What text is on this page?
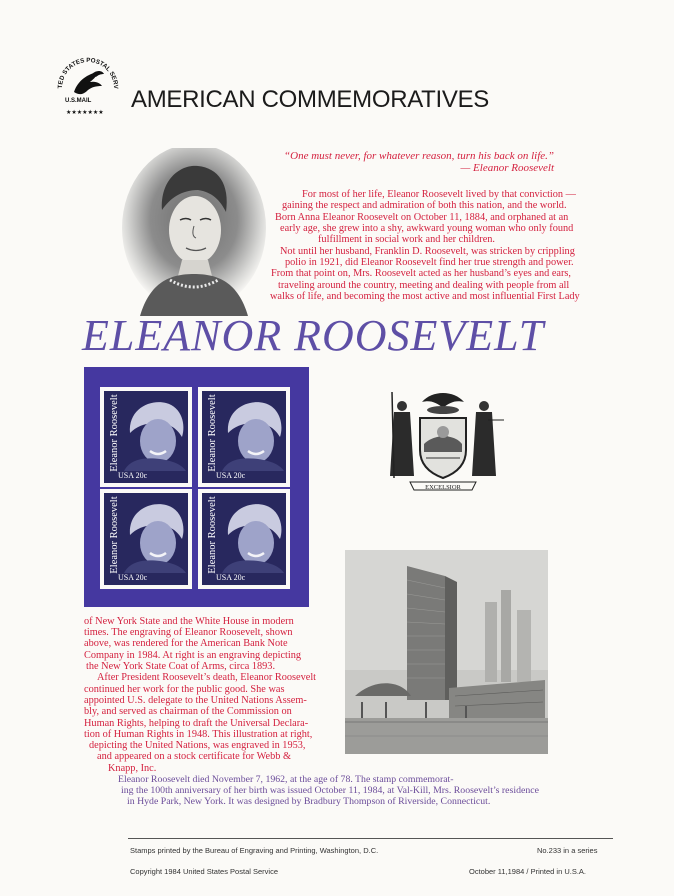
TED STATES POSTAL SERV
U.S.MAIL
★★★★★★★ AMERICAN COMMEMORATIVES
“One must never, for whatever reason, turn his back on life.”
— Eleanor Roosevelt
For most of her life, Eleanor Roosevelt lived by that conviction —
gaining the respect and admiration of both this nation, and the world.
Born Anna Eleanor Roosevelt on October 11, 1884, and orphaned at an
early age, she grew into a shy, awkward young woman who only found
fulfillment in social work and her children.
Not until her husband, Franklin D. Roosevelt, was stricken by crippling
polio in 1921, did Eleanor Roosevelt find her true strength and power.
From that point on, Mrs. Roosevelt acted as her husband’s eyes and ears,
traveling around the country, meeting and dealing with people from all
walks of life, and becoming the most active and most influential First Lady
ELEANOR ROOSEVELT
Eleanor Roosevelt
USA 20c
Eleanor Roosevelt
USA 20c
Eleanor Roosevelt
USA 20c
Eleanor Roosevelt
USA 20c
EXCELSIOR
of New York State and the White House in modern
times. The engraving of Eleanor Roosevelt, shown
above, was rendered for the American Bank Note
Company in 1984. At right is an engraving depicting
the New York State Coat of Arms, circa 1893.
After President Roosevelt’s death, Eleanor Roosevelt
continued her work for the public good. She was
appointed U.S. delegate to the United Nations Assem-
bly, and served as chairman of the Commission on
Human Rights, helping to draft the Universal Declara-
tion of Human Rights in 1948. This illustration at right,
depicting the United Nations, was engraved in 1953,
and appeared on a stock certificate for Webb &
Knapp, Inc.
Eleanor Roosevelt died November 7, 1962, at the age of 78. The stamp commemorat-
ing the 100th anniversary of her birth was issued October 11, 1984, at Val-Kill, Mrs. Roosevelt’s residence
in Hyde Park, New York. It was designed by Bradbury Thompson of Riverside, Connecticut.
Stamps printed by the Bureau of Engraving and Printing, Washington, D.C.	No.233 in a series
Copyright 1984 United States Postal Service	October 11,1984 / Printed in U.S.A.
